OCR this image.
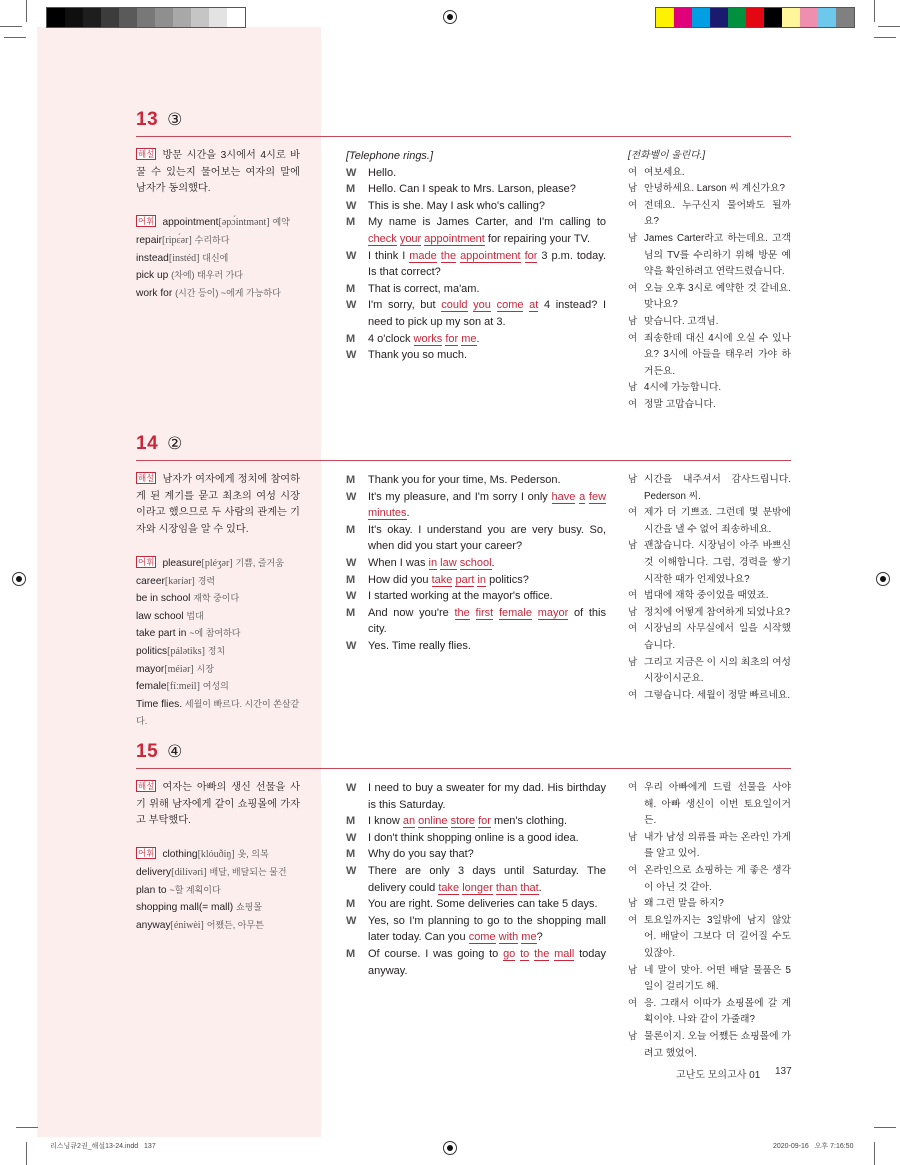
13 ③
해설 방문 시간을 3시에서 4시로 바꿀 수 있는지 물어보는 여자의 말에 남자가 동의했다.
어휘 appointment[əpɔ́intmənt] 예약
repair[ripɛ́ər] 수리하다
instead[instéd] 대신에
pick up (차에) 태우러 가다
work for (시간 등이) ~에게 가능하다
[Telephone rings.]
W	Hello.
M	Hello. Can I speak to Mrs. Larson, please?
W	This is she. May I ask who's calling?
M	My name is James Carter, and I'm calling to check your appointment for repairing your TV.
W	I think I made the appointment for 3 p.m. today. Is that correct?
M	That is correct, ma'am.
W	I'm sorry, but could you come at 4 instead? I need to pick up my son at 3.
M	4 o'clock works for me.
W	Thank you so much.
[전화벨이 울린다.]
여 여보세요.
남 안녕하세요. Larson 씨 계신가요?
여 전데요. 누구신지 물어봐도 될까요?
남 James Carter라고 하는데요. 고객님의 TV를 수리하기 위해 방문 예약을 확인하려고 연락드렸습니다.
여 오늘 오후 3시로 예약한 것 같네요. 맞나요?
남 맞습니다. 고객님.
여 죄송한데 대신 4시에 오실 수 있나요? 3시에 아들을 태우러 가야 하거든요.
남 4시에 가능합니다.
여 정말 고맙습니다.
14 ②
해설 남자가 여자에게 정치에 참여하게 된 계기를 묻고 최초의 여성 시장이라고 했으므로 두 사람의 관계는 기자와 시장임을 알 수 있다.
어휘 pleasure[pléʒər] 기쁨, 즐거움
career[kəríər] 경력
be in school 재학 중이다
law school 법대
take part in ~에 참여하다
politics[pálətiks] 정치
mayor[méiər] 시장
female[fíːmeil] 여성의
Time flies. 세월이 빠르다. 시간이 쏜살같다.
M	Thank you for your time, Ms. Pederson.
W	It's my pleasure, and I'm sorry I only have a few minutes.
M	It's okay. I understand you are very busy. So, when did you start your career?
W	When I was in law school.
M	How did you take part in politics?
W	I started working at the mayor's office.
M	And now you're the first female mayor of this city.
W	Yes. Time really flies.
남 시간을 내주셔서 감사드립니다. Pederson 씨.
여 제가 더 기쁘죠. 그런데 몇 분밖에 시간을 낼 수 없어 죄송하네요.
남 괜찮습니다. 시장님이 아주 바쁘신 것 이해합니다. 그럼, 경력을 쌓기 시작한 때가 언제였나요?
여 법대에 재학 중이었을 때였죠.
남 정치에 어떻게 참여하게 되었나요?
여 시장님의 사무실에서 일을 시작했습니다.
남 그리고 지금은 이 시의 최초의 여성 시장이시군요.
여 그렇습니다. 세월이 정말 빠르네요.
15 ④
해설 여자는 아빠의 생신 선물을 사기 위해 남자에게 같이 쇼핑몰에 가자고 부탁했다.
어휘 clothing[klóuðiŋ] 옷, 의복
delivery[dilívəri] 배달, 배달되는 물건
plan to ~할 계획이다
shopping mall(= mall) 쇼핑몰
anyway[éniwèi] 어쨌든, 아무튼
W	I need to buy a sweater for my dad. His birthday is this Saturday.
M	I know an online store for men's clothing.
W	I don't think shopping online is a good idea.
M	Why do you say that?
W	There are only 3 days until Saturday. The delivery could take longer than that.
M	You are right. Some deliveries can take 5 days.
W	Yes, so I'm planning to go to the shopping mall later today. Can you come with me?
M	Of course. I was going to go to the mall today anyway.
여 우리 아빠에게 드릴 선물을 사야 해. 아빠 생신이 이번 토요일이거든.
남 내가 남성 의류를 파는 온라인 가게를 알고 있어.
여 온라인으로 쇼핑하는 게 좋은 생각이 아닌 것 같아.
남 왜 그런 말을 하지?
여 토요일까지는 3일밖에 남지 않았어. 배달이 그보다 더 길어질 수도 있잖아.
남 네 말이 맞아. 어떤 배달 물품은 5일이 걸리기도 해.
여 응. 그래서 이따가 쇼핑몰에 갈 계획이야. 나와 같이 가줄래?
남 물론이지. 오늘 어쨌든 쇼핑몰에 가려고 했었어.
고난도 모의고사 01 137
리스닝큐2권_해설13-24.indd   137	2020-09-16   오후 7:16:50
